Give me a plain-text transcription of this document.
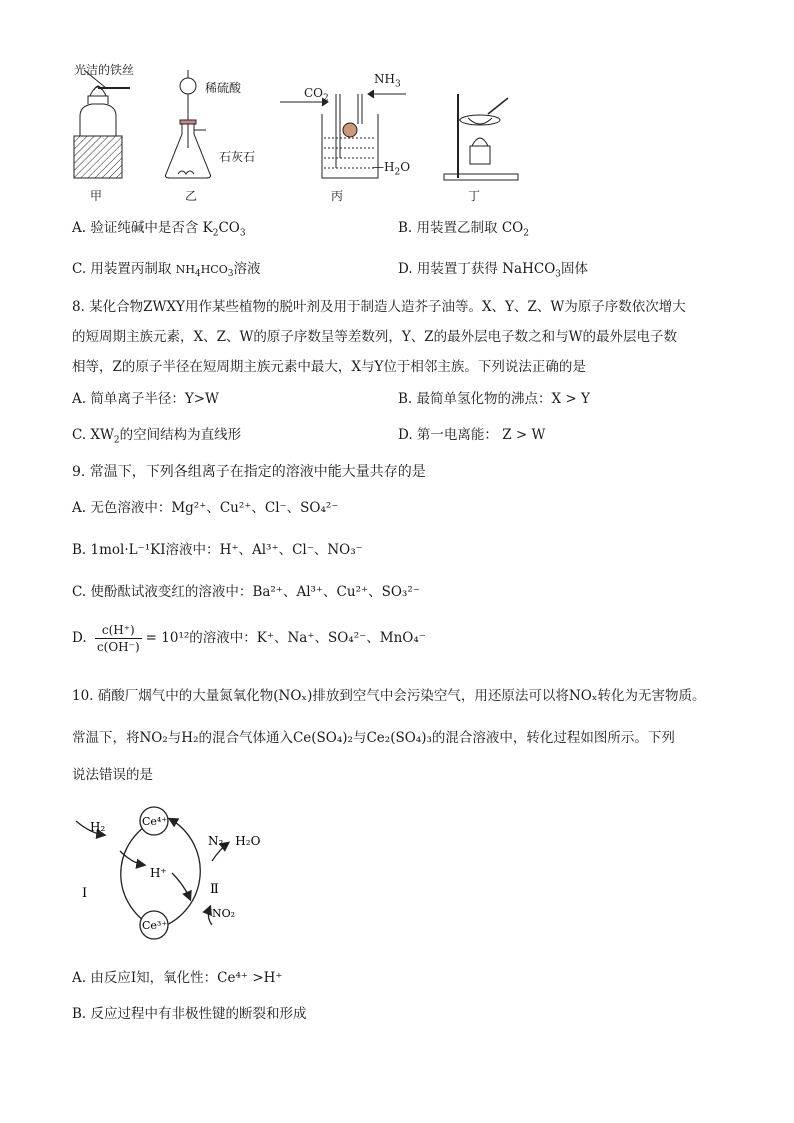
光洁的铁丝
稀硫酸
石灰石
$CO_2$
$NH_3$
$—H_2O$
甲	乙	丙	丁
A. 验证纯碱中是否含 $K_2CO_3$	B. 用装置乙制取 $CO_2$
C. 用装置丙制取 $NH_4HCO_3$溶液	D. 用装置丁获得 NaHCO$_3$固体
8. 某化合物ZWXY用作某些植物的脱叶剂及用于制造人造芥子油等。X、Y、Z、W为原子序数依次增大
的短周期主族元素，X、Z、W的原子序数呈等差数列，Y、Z的最外层电子数之和与W的最外层电子数
相等，Z的原子半径在短周期主族元素中最大，X与Y位于相邻主族。下列说法正确的是
A. 简单离子半径：Y>W	B. 最简单氢化物的沸点：X > Y
C. $XW_2$的空间结构为直线形	D. 第一电离能： Z > W
9. 常温下，下列各组离子在指定的溶液中能大量共存的是
A. 无色溶液中：Mg²⁺、Cu²⁺、Cl⁻、SO₄²⁻
B. 1mol·L⁻¹KI溶液中：H⁺、Al³⁺、Cl⁻、NO₃⁻
C. 使酚酞试液变红的溶液中：Ba²⁺、Al³⁺、Cu²⁺、SO₃²⁻
D. $\frac{c(H^+)}{c(OH^-)} = 10^{12}$的溶液中：K⁺、Na⁺、SO₄²⁻、MnO₄⁻
10. 硝酸厂烟气中的大量氮氧化物(NOₓ)排放到空气中会污染空气，用还原法可以将NOₓ转化为无害物质。
常温下，将NO₂与H₂的混合气体通入Ce(SO₄)₂与Ce₂(SO₄)₃的混合溶液中，转化过程如图所示。下列
说法错误的是
H₂	Ce⁴⁺
Ce³⁺
H⁺
N₂、H₂O
NO₂
Ⅰ	Ⅱ
A. 由反应Ⅰ知，氧化性：Ce⁴⁺ >H⁺
B. 反应过程中有非极性键的断裂和形成
